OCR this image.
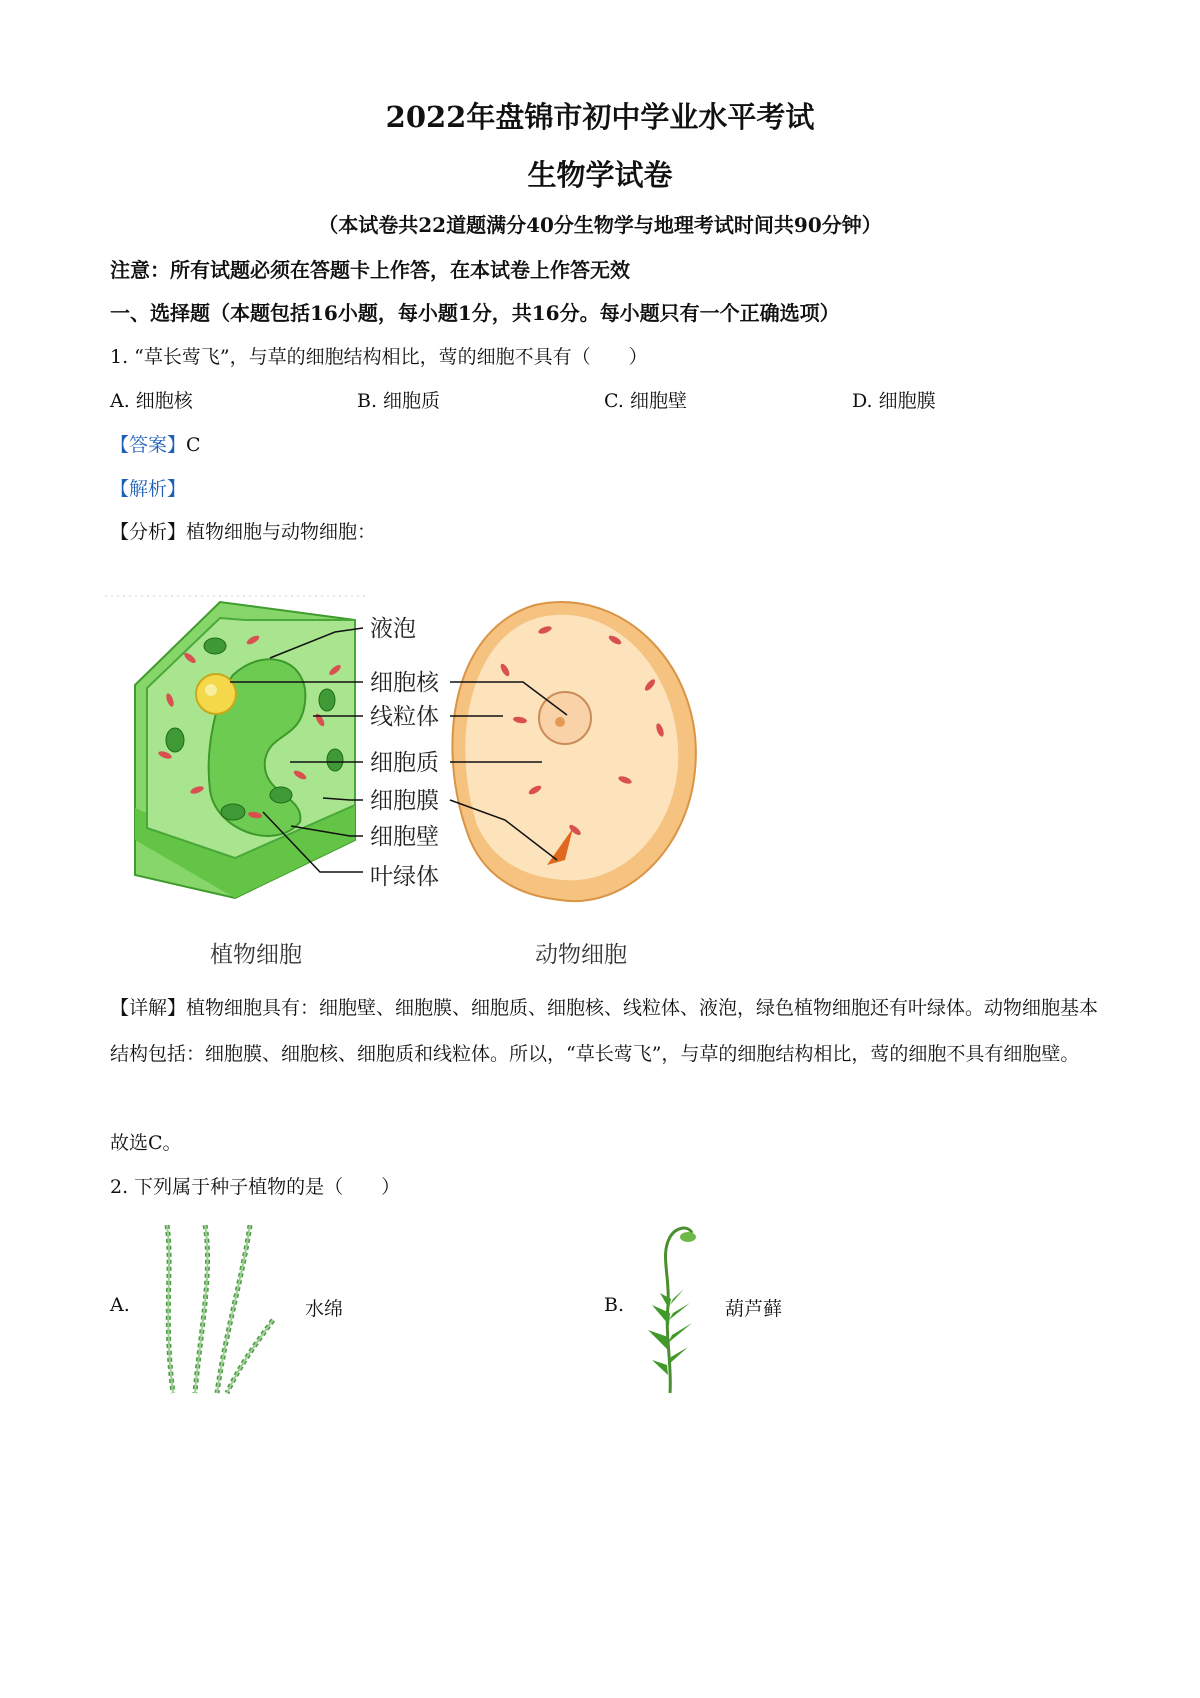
2022年盘锦市初中学业水平考试
生物学试卷
（本试卷共22道题满分40分生物学与地理考试时间共90分钟）
注意：所有试题必须在答题卡上作答，在本试卷上作答无效
一、选择题（本题包括16小题，每小题1分，共16分。每小题只有一个正确选项）
1. “草长莺飞”，与草的细胞结构相比，莺的细胞不具有（　　）
A. 细胞核	B. 细胞质	C. 细胞壁	D. 细胞膜
【答案】C
【解析】
【分析】植物细胞与动物细胞：
液泡
细胞核
线粒体
细胞质
细胞膜
细胞壁
叶绿体
植物细胞	动物细胞
【详解】植物细胞具有：细胞壁、细胞膜、细胞质、细胞核、线粒体、液泡，绿色植物细胞还有叶绿体。动物细胞基本结构包括：细胞膜、细胞核、细胞质和线粒体。所以，“草长莺飞”，与草的细胞结构相比，莺的细胞不具有细胞壁。
故选C。
2. 下列属于种子植物的是（　　）
A.	水绵	B.	葫芦藓
